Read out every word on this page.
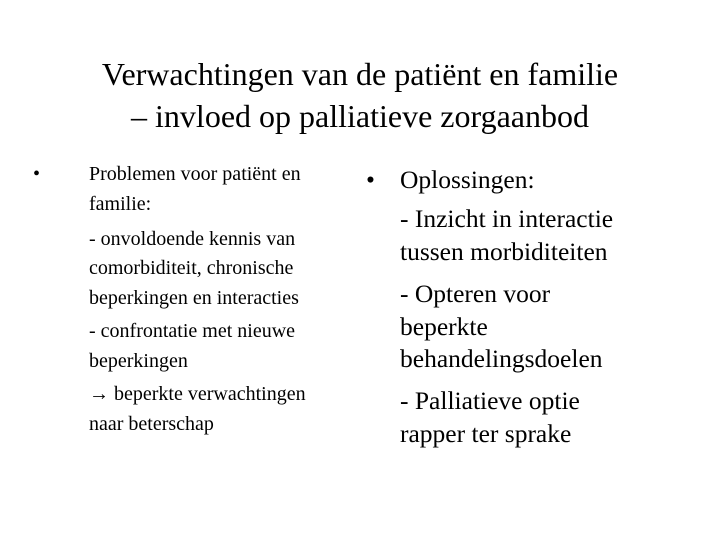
Verwachtingen van de patiënt en familie
– invloed op palliatieve zorgaanbod
• Problemen voor patiënt en
familie:
- onvoldoende kennis van
comorbiditeit, chronische
beperkingen en interacties
- confrontatie met nieuwe
beperkingen
→ beperkte verwachtingen
naar beterschap
• Oplossingen:
- Inzicht in interactie
tussen morbiditeiten
- Opteren voor
beperkte
behandelingsdoelen
- Palliatieve optie
rapper ter sprake
